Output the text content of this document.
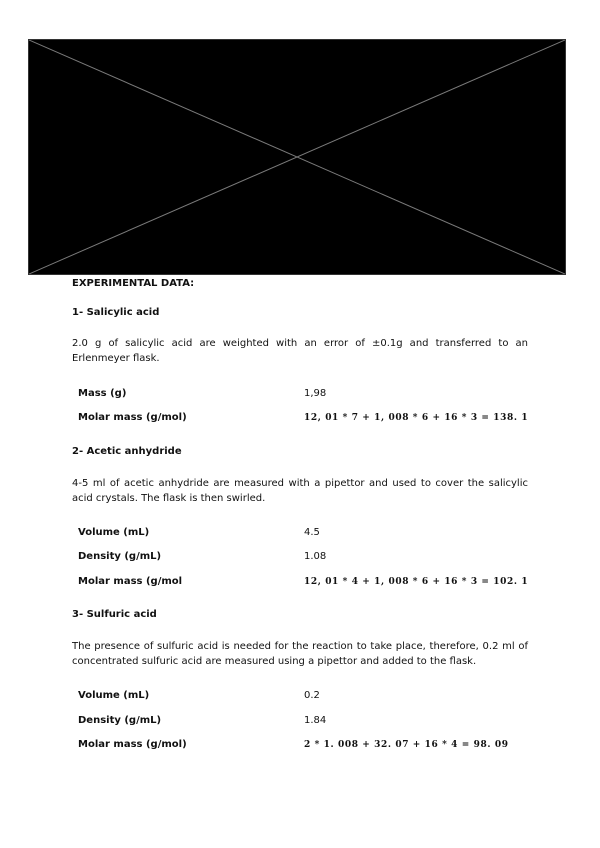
EXPERIMENTAL DATA:
1- Salicylic acid
2.0 g of salicylic acid are weighted with an error of ±0.1g and transferred to an Erlenmeyer flask.
Mass (g)	1,98
Molar mass (g/mol)	12, 01 * 7 + 1, 008 * 6 + 16 * 3 = 138. 1
2- Acetic anhydride
4-5 ml of acetic anhydride are measured with a pipettor and used to cover the salicylic acid crystals. The flask is then swirled.
Volume (mL)	4.5
Density (g/mL)	1.08
Molar mass (g/mol	12, 01 * 4 + 1, 008 * 6 + 16 * 3 = 102. 1
3- Sulfuric acid
The presence of sulfuric acid is needed for the reaction to take place, therefore, 0.2 ml of concentrated sulfuric acid are measured using a pipettor and added to the flask.
Volume (mL)	0.2
Density (g/mL)	1.84
Molar mass (g/mol)	2 * 1. 008 + 32. 07 + 16 * 4 = 98. 09
